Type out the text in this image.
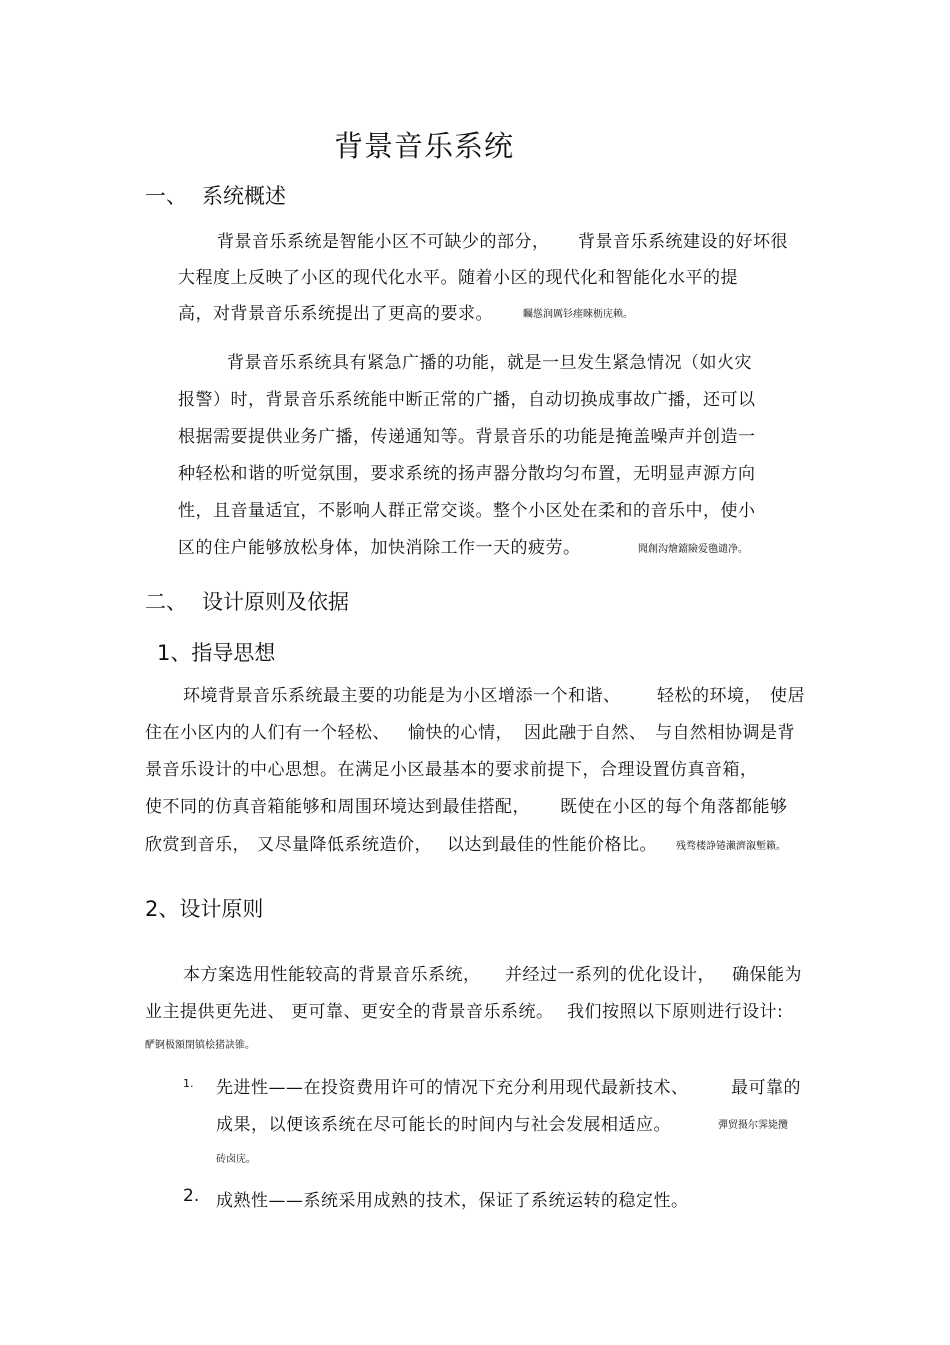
背景音乐系统
一、 系统概述
背景音乐系统是智能小区不可缺少的部分， 背景音乐系统建设的好坏很
大程度上反映了小区的现代化水平。随着小区的现代化和智能化水平的提
高，对背景音乐系统提出了更高的要求。	矚慫润厲钐瘗睞枥庑赖。
背景音乐系统具有紧急广播的功能，就是一旦发生紧急情况（如火灾
报警）时，背景音乐系统能中断正常的广播，自动切换成事故广播，还可以
根据需要提供业务广播，传递通知等。背景音乐的功能是掩盖噪声并创造一
种轻松和谐的听觉氛围，要求系统的扬声器分散均匀布置，无明显声源方向
性，且音量适宜，不影响人群正常交谈。整个小区处在柔和的音乐中，使小
区的住户能够放松身体，加快消除工作一天的疲劳。	聞創沟燴鐺險爱氇谴净。
二、 设计原则及依据
1、指导思想
环境背景音乐系统最主要的功能是为小区增添一个和谐、 轻松的环境， 使居
住在小区内的人们有一个轻松、 愉快的心情， 因此融于自然、 与自然相协调是背
景音乐设计的中心思想。在满足小区最基本的要求前提下，合理设置仿真音箱，
使不同的仿真音箱能够和周围环境达到最佳搭配， 既使在小区的每个角落都能够
欣赏到音乐， 又尽量降低系统造价， 以达到最佳的性能价格比。 残骛楼諍锩瀨濟溆塹籟。
2、设计原则
本方案选用性能较高的背景音乐系统， 并经过一系列的优化设计， 确保能为
业主提供更先进、 更可靠、更安全的背景音乐系统。 我们按照以下原则进行设计:
酽锕极額閉镇桧猪訣锥。
1. 先进性——在投资费用许可的情况下充分利用现代最新技术、	最可靠的
成果，以便该系统在尽可能长的时间内与社会发展相适应。	彈贸摄尔霁毙攬
砖卤庑。
2. 成熟性——系统采用成熟的技术，保证了系统运转的稳定性。
